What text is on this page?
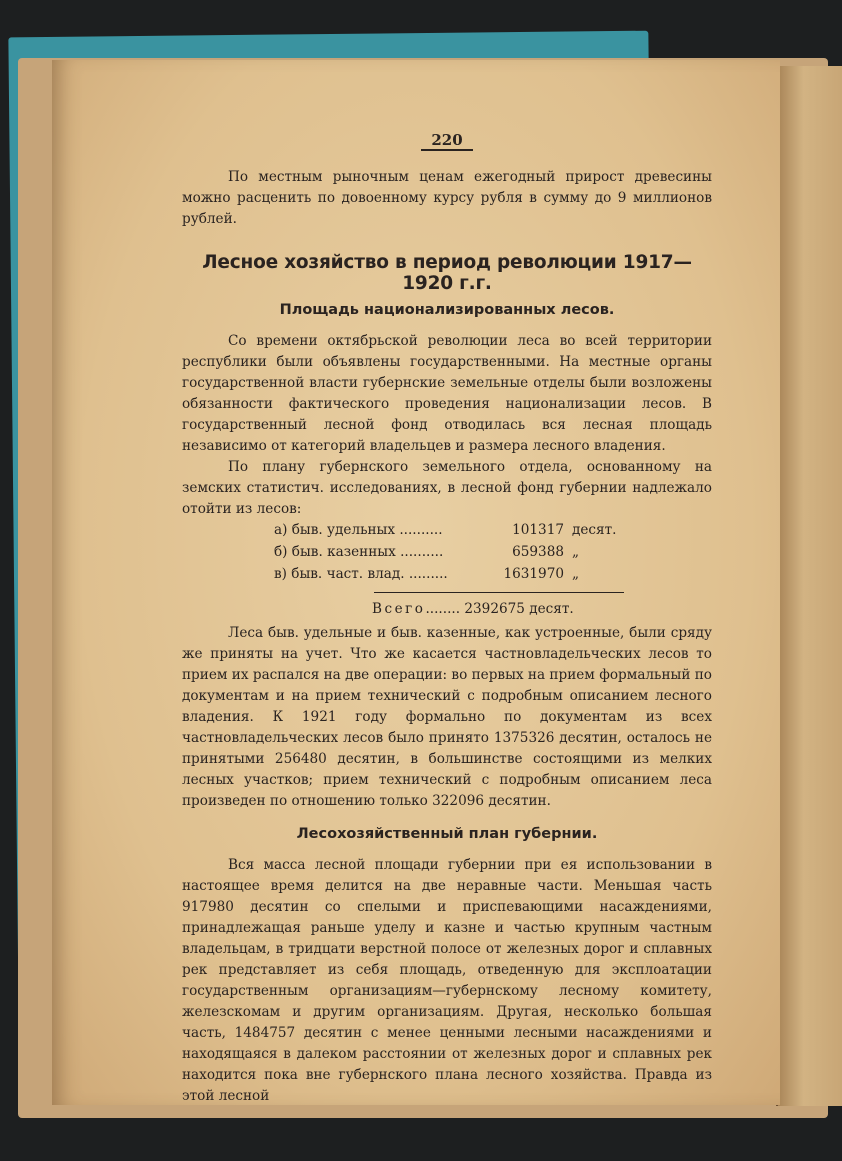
220

По местным рыночным ценам ежегодный прирост древесины можно расценить по довоенному курсу рубля в сумму до 9 миллионов рублей.

Лесное хозяйство в период революции 1917—1920 г.г.
Площадь национализированных лесов.

Со времени октябрьской революции леса во всей территории республики были объявлены государственными. На местные органы государственной власти губернские земельные отделы были возложены обязанности фактического проведения национализации лесов. В государственный лесной фонд отводилась вся лесная площадь независимо от категорий владельцев и размера лесного владения.

По плану губернского земельного отдела, основанному на земских статистич. исследованиях, в лесной фонд губернии надлежало отойти из лесов:

а) быв. удельных ..........	101317 десят.
б) быв. казенных ..........	659388 „
в) быв. част. влад. .........	1631970 „
Всего........ 2392675 десят.

Леса быв. удельные и быв. казенные, как устроенные, были сряду же приняты на учет. Что же касается частновладельческих лесов то прием их распался на две операции: во первых на прием формальный по документам и на прием технический с подробным описанием лесного владения. К 1921 году формально по документам из всех частновладельческих лесов было принято 1375326 десятин, осталось не принятыми 256480 десятин, в большинстве состоящими из мелких лесных участков; прием технический с подробным описанием леса произведен по отношению только 322096 десятин.

Лесохозяйственный план губернии.

Вся масса лесной площади губернии при ея использовании в настоящее время делится на две неравные части. Меньшая часть 917980 десятин со спелыми и приспевающими насаждениями, принадлежащая раньше уделу и казне и частью крупным частным владельцам, в тридцати верстной полосе от железных дорог и сплавных рек представляет из себя площадь, отведенную для эксплоатации государственным организациям—губернскому лесному комитету, железскомам и другим организациям. Другая, несколько большая часть, 1484757 десятин с менее ценными лесными насаждениями и находящаяся в далеком расстоянии от железных дорог и сплавных рек находится пока вне губернского плана лесного хозяйства. Правда из этой лесной
